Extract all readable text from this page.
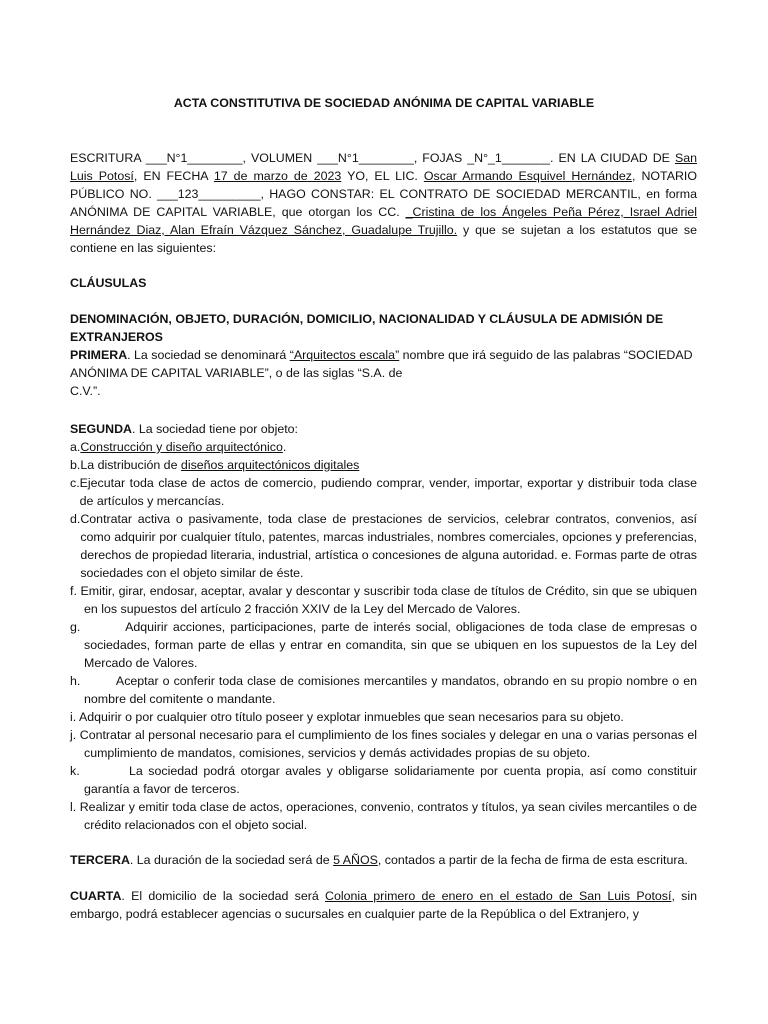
ACTA CONSTITUTIVA DE SOCIEDAD ANÓNIMA DE CAPITAL VARIABLE

ESCRITURA ___N°1________, VOLUMEN ___N°1________, FOJAS _N°_1_______. EN LA CIUDAD DE San Luis Potosí, EN FECHA 17 de marzo de 2023 YO, EL LIC. Oscar Armando Esquivel Hernández, NOTARIO PÚBLICO NO. ___123_________, HAGO CONSTAR: EL CONTRATO DE SOCIEDAD MERCANTIL, en forma ANÓNIMA DE CAPITAL VARIABLE, que otorgan los CC. _Cristina de los Ángeles Peña Pérez, Israel Adriel Hernández Diaz, Alan Efraín Vázquez Sánchez, Guadalupe Trujillo. y que se sujetan a los estatutos que se contiene en las siguientes:

CLÁUSULAS
DENOMINACIÓN, OBJETO, DURACIÓN, DOMICILIO, NACIONALIDAD Y CLÁUSULA DE ADMISIÓN DE EXTRANJEROS

PRIMERA. La sociedad se denominará “Arquitectos escala” nombre que irá seguido de las palabras “SOCIEDAD ANÓNIMA DE CAPITAL VARIABLE”, o de las siglas “S.A. de

C.V.”.

SEGUNDA. La sociedad tiene por objeto:

a. Construcción y diseño arquitectónico.
b. La distribución de diseños arquitectónicos digitales
c. Ejecutar toda clase de actos de comercio, pudiendo comprar, vender, importar, exportar y distribuir toda clase de artículos y mercancías.
d. Contratar activa o pasivamente, toda clase de prestaciones de servicios, celebrar contratos, convenios, así como adquirir por cualquier título, patentes, marcas industriales, nombres comerciales, opciones y preferencias, derechos de propiedad literaria, industrial, artística o concesiones de alguna autoridad. e. Formas parte de otras sociedades con el objeto similar de éste.

f. Emitir, girar, endosar, aceptar, avalar y descontar y suscribir toda clase de títulos de Crédito, sin que se ubiquen en los supuestos del artículo 2 fracción XXIV de la Ley del Mercado de Valores.

g.         Adquirir acciones, participaciones, parte de interés social, obligaciones de toda clase de empresas o sociedades, forman parte de ellas y entrar en comandita, sin que se ubiquen en los supuestos de la Ley del Mercado de Valores.

h.         Aceptar o conferir toda clase de comisiones mercantiles y mandatos, obrando en su propio nombre o en nombre del comitente o mandante.

i. Adquirir o por cualquier otro título poseer y explotar inmuebles que sean necesarios para su objeto.

j. Contratar al personal necesario para el cumplimiento de los fines sociales y delegar en una o varias personas el cumplimiento de mandatos, comisiones, servicios y demás actividades propias de su objeto.

k.         La sociedad podrá otorgar avales y obligarse solidariamente por cuenta propia, así como constituir garantía a favor de terceros.

l. Realizar y emitir toda clase de actos, operaciones, convenio, contratos y títulos, ya sean civiles mercantiles o de crédito relacionados con el objeto social.

TERCERA. La duración de la sociedad será de 5 AÑOS, contados a partir de la fecha de firma de esta escritura.

CUARTA. El domicilio de la sociedad será Colonia primero de enero en el estado de San Luis Potosí, sin embargo, podrá establecer agencias o sucursales en cualquier parte de la República o del Extranjero, y
